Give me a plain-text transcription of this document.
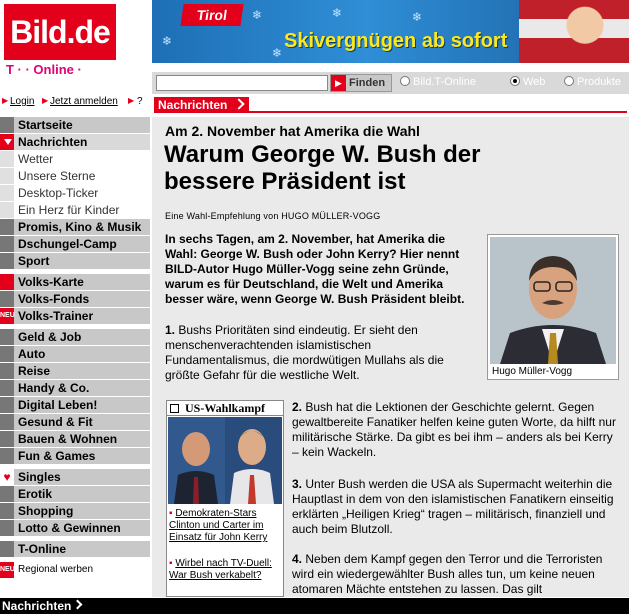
Bild.de
T · · Online ·
Tirol
❄
❄	❄	❄
❄
Skivergnügen ab sofort
▶ Finden	Bild.T-Online	Web	Produkte
▶ Login ▶ Jetzt anmelden ▶ ?
Startseite
Nachrichten
Wetter
Unsere Sterne
Desktop-Ticker
Ein Herz für Kinder
Promis, Kino & Musik
Dschungel-Camp
Sport
Volks-Karte
Volks-Fonds
NEU Volks-Trainer
Geld & Job
Auto
Reise
Handy & Co.
Digital Leben!
Gesund & Fit
Bauen & Wohnen
Fun & Games
♥ Singles
Erotik
Shopping
Lotto & Gewinnen
T-Online
NEU Regional werben
Nachrichten
Am 2. November hat Amerika die Wahl
Warum George W. Bush der bessere Präsident ist
Eine Wahl-Empfehlung von HUGO MÜLLER-VOGG
In sechs Tagen, am 2. November, hat Amerika die Wahl: George W. Bush oder John Kerry? Hier nennt BILD-Autor Hugo Müller-Vogg seine zehn Gründe, warum es für Deutschland, die Welt und Amerika besser wäre, wenn George W. Bush Präsident bleibt.
Hugo Müller-Vogg
1. Bushs Prioritäten sind eindeutig. Er sieht den menschenverachtenden islamistischen Fundamentalismus, die mordwütigen Mullahs als die größte Gefahr für die westliche Welt.
US-Wahlkampf
▪ Demokraten-Stars Clinton und Carter im Einsatz für John Kerry
▪ Wirbel nach TV-Duell: War Bush verkabelt?
2. Bush hat die Lektionen der Geschichte gelernt. Gegen gewaltbereite Fanatiker helfen keine guten Worte, da hilft nur militärische Stärke. Da gibt es bei ihm – anders als bei Kerry – kein Wackeln.
3. Unter Bush werden die USA als Supermacht weiterhin die Hauptlast in dem von den islamistischen Fanatikern einseitig erklärten „Heiligen Krieg“ tragen – militärisch, finanziell und auch beim Blutzoll.
4. Neben dem Kampf gegen den Terror und die Terroristen wird ein wiedergewählter Bush alles tun, um keine neuen atomaren Mächte entstehen zu lassen. Das gilt
Nachrichten
